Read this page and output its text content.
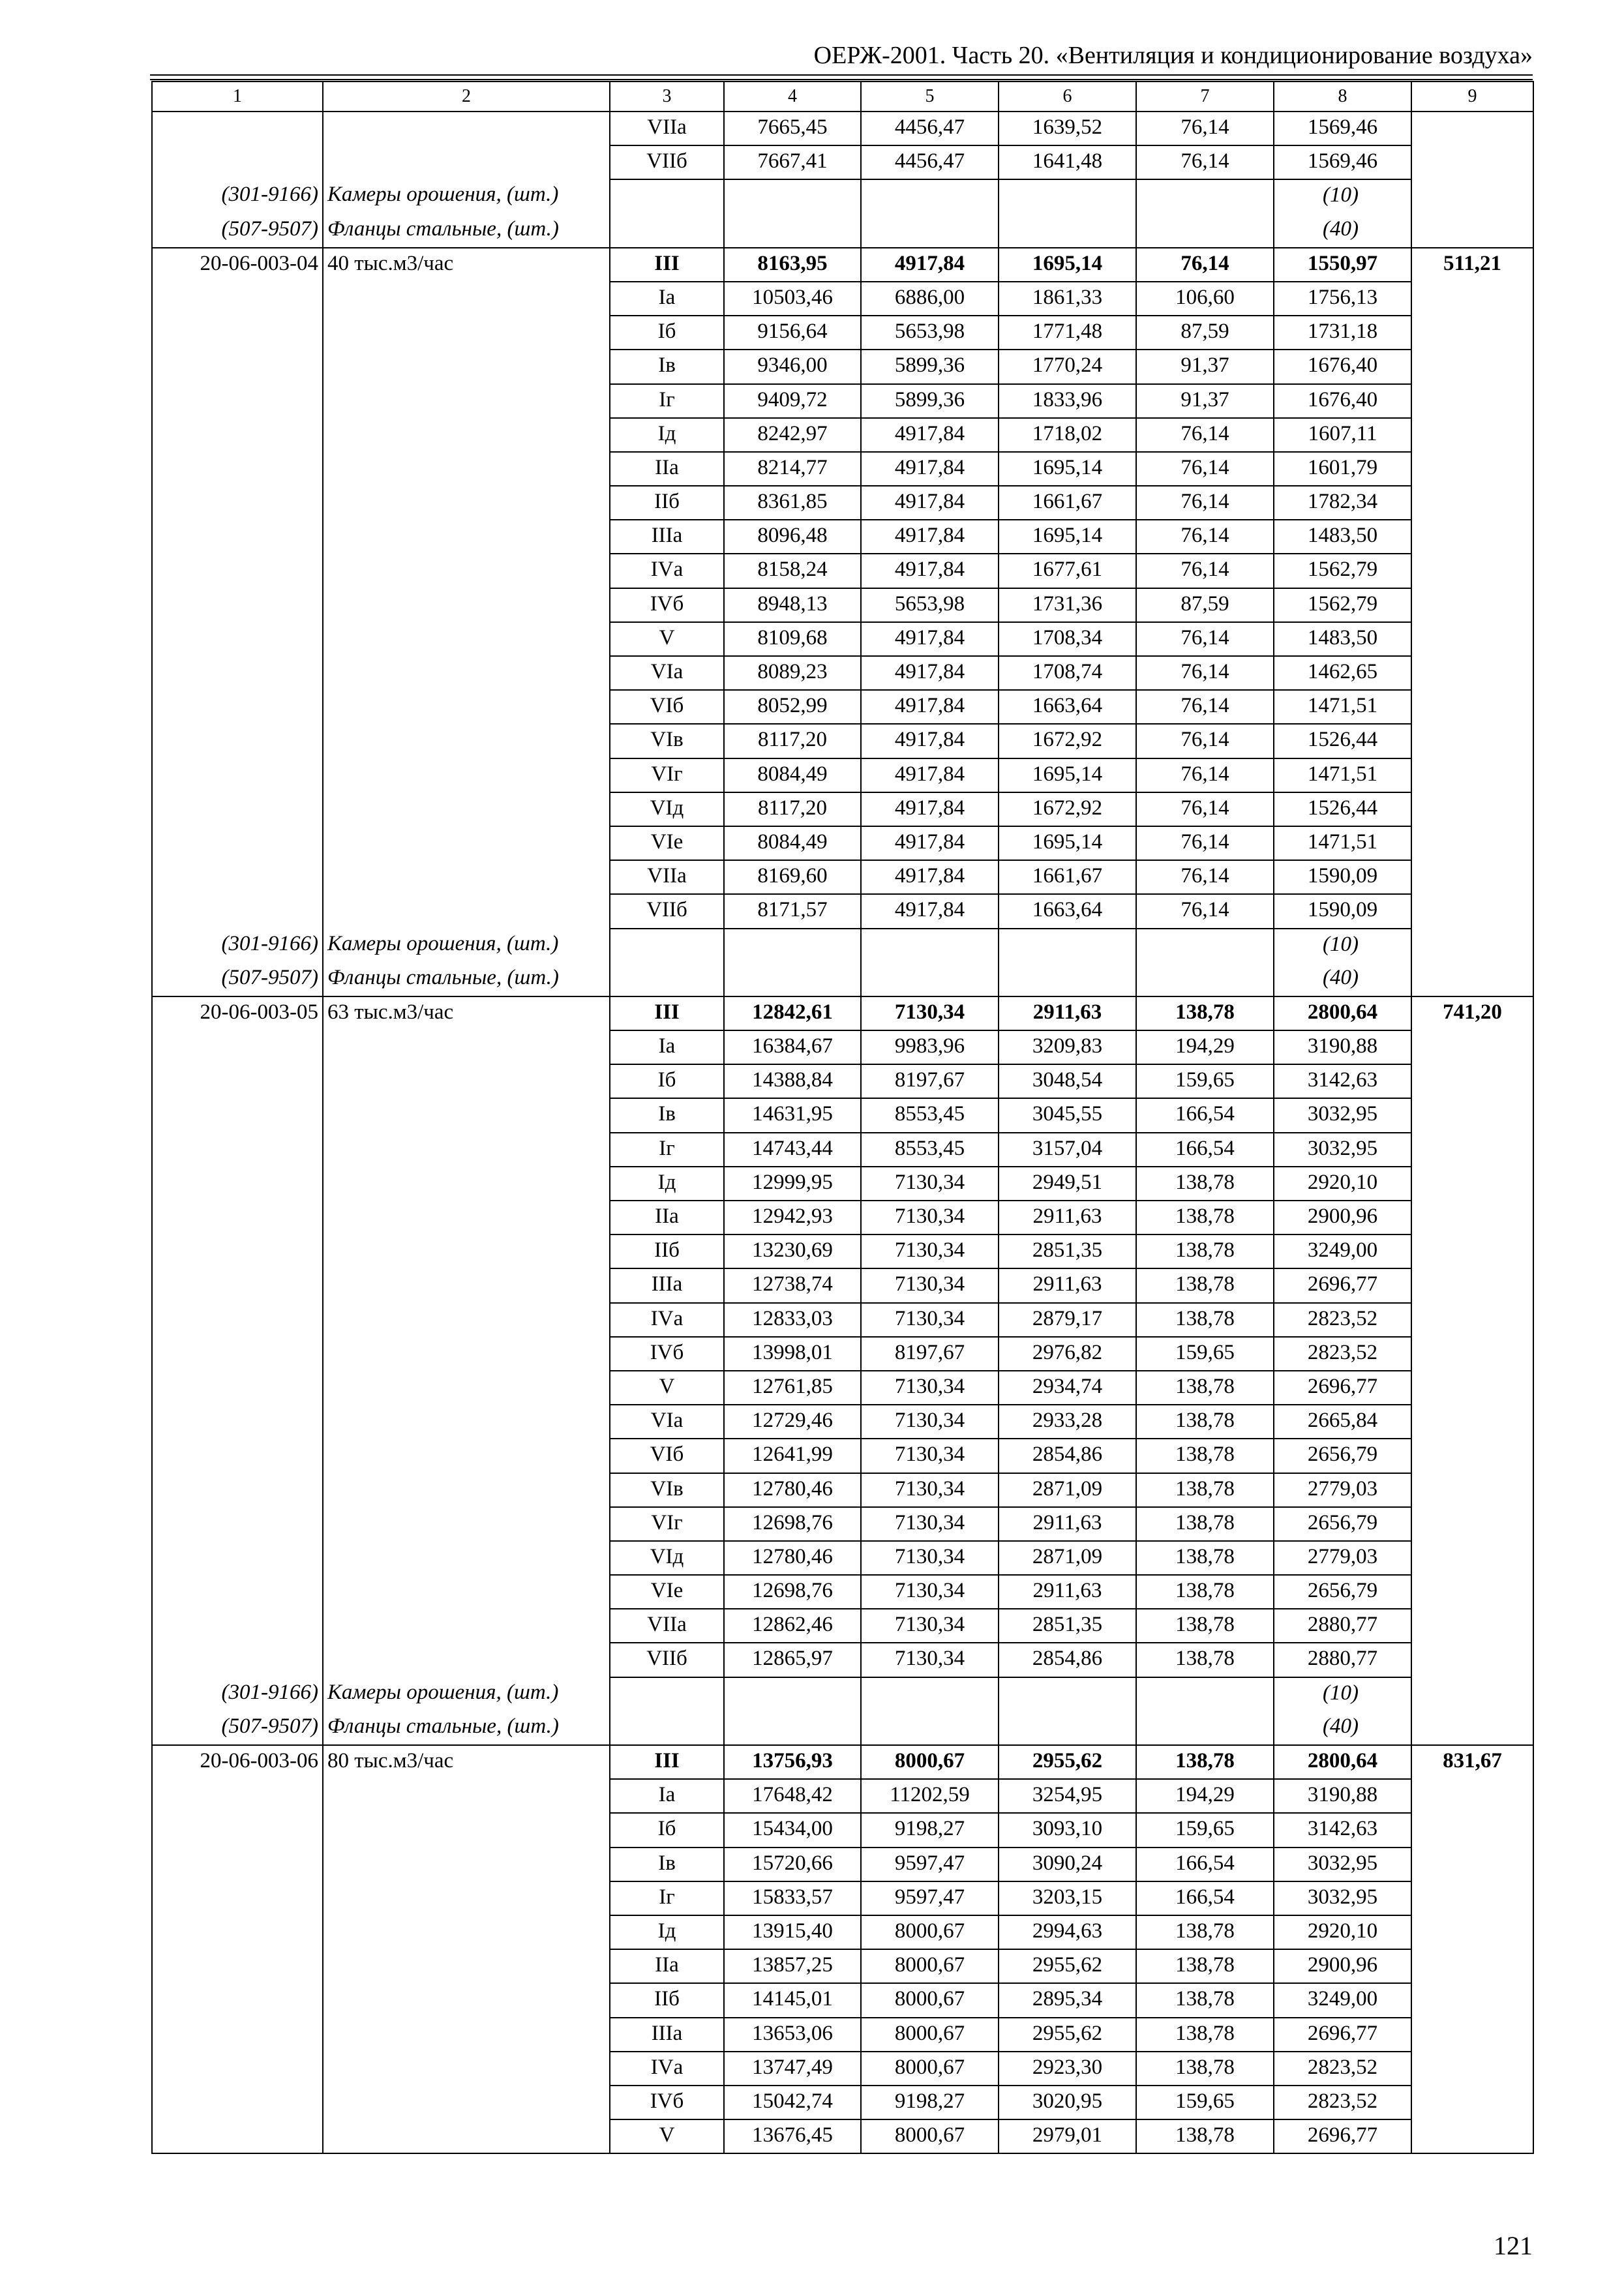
ОЕРЖ-2001. Часть 20. «Вентиляция и кондиционирование воздуха»
1	2	3	4	5	6	7	8	9
		VIIа	7665,45	4456,47	1639,52	76,14	1569,46	
		VIIб	7667,41	4456,47	1641,48	76,14	1569,46	
(301-9166)	Камеры орошения, (шт.)						(10)	
(507-9507)	Фланцы стальные, (шт.)						(40)	
20-06-003-04	40 тыс.м3/час	III	8163,95	4917,84	1695,14	76,14	1550,97	511,21
		Iа	10503,46	6886,00	1861,33	106,60	1756,13	
		Iб	9156,64	5653,98	1771,48	87,59	1731,18	
		Iв	9346,00	5899,36	1770,24	91,37	1676,40	
		Iг	9409,72	5899,36	1833,96	91,37	1676,40	
		Iд	8242,97	4917,84	1718,02	76,14	1607,11	
		IIа	8214,77	4917,84	1695,14	76,14	1601,79	
		IIб	8361,85	4917,84	1661,67	76,14	1782,34	
		IIIа	8096,48	4917,84	1695,14	76,14	1483,50	
		IVа	8158,24	4917,84	1677,61	76,14	1562,79	
		IVб	8948,13	5653,98	1731,36	87,59	1562,79	
		V	8109,68	4917,84	1708,34	76,14	1483,50	
		VIа	8089,23	4917,84	1708,74	76,14	1462,65	
		VIб	8052,99	4917,84	1663,64	76,14	1471,51	
		VIв	8117,20	4917,84	1672,92	76,14	1526,44	
		VIг	8084,49	4917,84	1695,14	76,14	1471,51	
		VIд	8117,20	4917,84	1672,92	76,14	1526,44	
		VIе	8084,49	4917,84	1695,14	76,14	1471,51	
		VIIа	8169,60	4917,84	1661,67	76,14	1590,09	
		VIIб	8171,57	4917,84	1663,64	76,14	1590,09	
(301-9166)	Камеры орошения, (шт.)						(10)	
(507-9507)	Фланцы стальные, (шт.)						(40)	
20-06-003-05	63 тыс.м3/час	III	12842,61	7130,34	2911,63	138,78	2800,64	741,20
		Iа	16384,67	9983,96	3209,83	194,29	3190,88	
		Iб	14388,84	8197,67	3048,54	159,65	3142,63	
		Iв	14631,95	8553,45	3045,55	166,54	3032,95	
		Iг	14743,44	8553,45	3157,04	166,54	3032,95	
		Iд	12999,95	7130,34	2949,51	138,78	2920,10	
		IIа	12942,93	7130,34	2911,63	138,78	2900,96	
		IIб	13230,69	7130,34	2851,35	138,78	3249,00	
		IIIа	12738,74	7130,34	2911,63	138,78	2696,77	
		IVа	12833,03	7130,34	2879,17	138,78	2823,52	
		IVб	13998,01	8197,67	2976,82	159,65	2823,52	
		V	12761,85	7130,34	2934,74	138,78	2696,77	
		VIа	12729,46	7130,34	2933,28	138,78	2665,84	
		VIб	12641,99	7130,34	2854,86	138,78	2656,79	
		VIв	12780,46	7130,34	2871,09	138,78	2779,03	
		VIг	12698,76	7130,34	2911,63	138,78	2656,79	
		VIд	12780,46	7130,34	2871,09	138,78	2779,03	
		VIе	12698,76	7130,34	2911,63	138,78	2656,79	
		VIIа	12862,46	7130,34	2851,35	138,78	2880,77	
		VIIб	12865,97	7130,34	2854,86	138,78	2880,77	
(301-9166)	Камеры орошения, (шт.)						(10)	
(507-9507)	Фланцы стальные, (шт.)						(40)	
20-06-003-06	80 тыс.м3/час	III	13756,93	8000,67	2955,62	138,78	2800,64	831,67
		Iа	17648,42	11202,59	3254,95	194,29	3190,88	
		Iб	15434,00	9198,27	3093,10	159,65	3142,63	
		Iв	15720,66	9597,47	3090,24	166,54	3032,95	
		Iг	15833,57	9597,47	3203,15	166,54	3032,95	
		Iд	13915,40	8000,67	2994,63	138,78	2920,10	
		IIа	13857,25	8000,67	2955,62	138,78	2900,96	
		IIб	14145,01	8000,67	2895,34	138,78	3249,00	
		IIIа	13653,06	8000,67	2955,62	138,78	2696,77	
		IVа	13747,49	8000,67	2923,30	138,78	2823,52	
		IVб	15042,74	9198,27	3020,95	159,65	2823,52	
		V	13676,45	8000,67	2979,01	138,78	2696,77	
121
